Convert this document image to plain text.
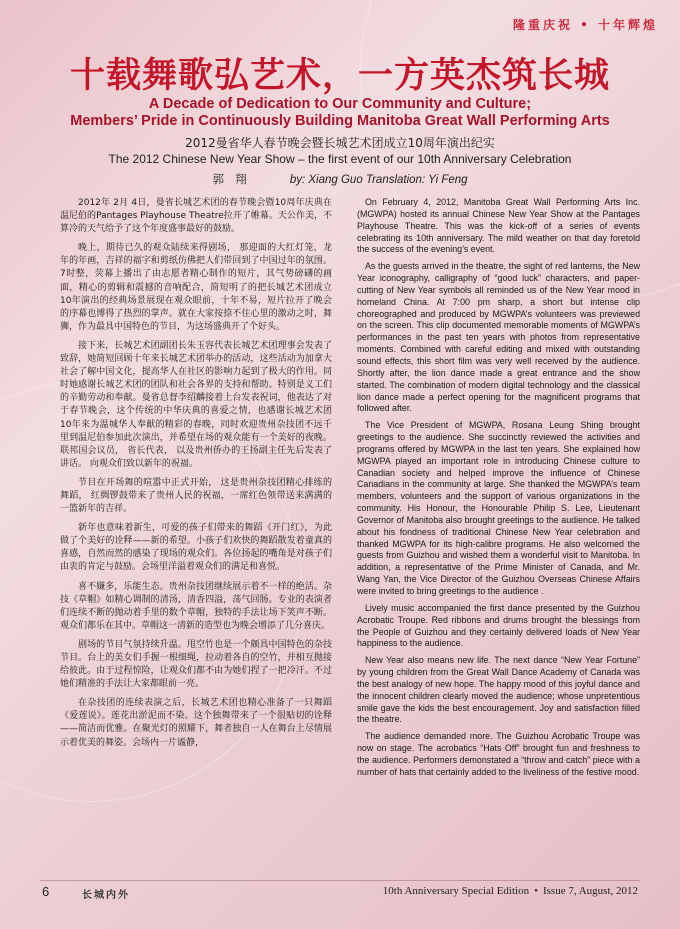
隆重庆祝 • 十年辉煌
十载舞歌弘艺术，一方英杰筑长城
A Decade of Dedication to Our Community and Culture;
Members’ Pride in Continuously Building Manitoba Great Wall Performing Arts
2012曼省华人春节晚会暨长城艺术团成立10周年演出纪实
The 2012 Chinese New Year Show – the first event of our 10th Anniversary Celebration
郭 翔	by: Xiang Guo Translation: Yi Feng

2012年 2月 4日，曼省长城艺术团的春节晚会暨10周年庆典在温尼伯的Pantages Playhouse Theatre拉开了帷幕。天公作美，不算冷的天气给予了这个年度盛事最好的鼓励。

晚上，期待已久的观众陆续来得剧场， 那迎面的大红灯笼，龙年的年画，吉祥的福字和剪纸仿佛把人们带回到了中国过年的氛围。7时整，荧幕上播出了由志愿者精心制作的短片，其气势磅礴的画面，精心的剪辑和震撼的音响配合，简短明了的把长城艺术团成立10年演出的经典场景展现在观众眼前，十年不易，短片拉开了晚会的序幕也博得了热烈的掌声。就在大家按捺不住心里的激动之时，舞狮，作为最具中国特色的节目，为这场盛典开了个好头。

接下来，长城艺术团副团长朱玉容代表长城艺术团理事会发表了致辞，她简短回顾十年来长城艺术团举办的活动，这些活动为加拿大社会了解中国文化，提高华人在社区的影响力起到了极大的作用。同时她感谢长城艺术团的团队和社会各界的支持和帮助。特别是义工们的辛勤劳动和奉献。曼省总督李绍麟接着上台发表祝词，他表达了对于春节晚会，这个传统的中华庆典的喜爱之情，也感谢长城艺术团10年来为温城华人奉献的精彩的春晚，同时欢迎贵州杂技团不远千里到温尼伯参加此次演出，并希望在场的观众能有一个美好的夜晚。联邦国会议员， 省长代表， 以及贵州侨办的王扬副主任先后发表了讲话。 向观众们致以新年的祝福。

节目在开场舞的喧嚣中正式开始， 这是贵州杂技团精心排练的舞蹈， 红绸锣鼓带来了贵州人民的祝福，一席红色领带送来满满的一篮新年的吉祥。

新年也意味着新生，可爱的孩子们带来的舞蹈《开门红》，为此做了个美好的诠释——新的希望。小孩子们欢快的舞蹈散发着童真的喜感，自然而然的感染了现场的观众们。各位扬起的嘴角是对孩子们由衷的肯定与鼓励。会场里洋溢着观众们的满足和喜悦。

喜不嫌多，乐能生态。贵州杂技团继续展示着不一样的绝活。杂技《草帽》如精心调制的清汤，清香四溢，荡气回肠。专业的表演者们连续不断的抛动着手里的数个草帽，独特的手法让场下笑声不断。观众们都乐在其中。草帽这一清新的造型也为晚会增添了几分喜庆。

剧场的节目气氛持续升温。甩空竹也是一个颇具中国特色的杂技节目。台上的美女们手握一根细绳，拉动着各自的空竹，并相互抛接给彼此。由于过程惊险，让观众们都不由为她们捏了一把冷汗。不过她们精准的手法让大家都眼前一亮。

在杂技团的连续表演之后，长城艺术团也精心准备了一只舞蹈《爱莲说》。莲花出淤泥而不染。这个独舞带来了一个很贴切的诠释——简洁而优雅。在聚光灯的照耀下，舞者独自一人在舞台上尽情展示着优美的舞姿。会场内一片谧静，

On February 4, 2012, Manitoba Great Wall Performing Arts Inc. (MGWPA) hosted its annual Chinese New Year Show at the Pantages Playhouse Theatre. This was the kick-off of a series of events celebrating its 10th anniversary. The mild weather on that day foretold the success of the evening’s event.

As the guests arrived in the theatre, the sight of red lanterns, the New Year iconography, calligraphy of “good luck” characters, and paper-cutting of New Year symbols all reminded us of the New Year mood in homeland China. At 7:00 pm sharp, a short but intense clip choreographed and produced by MGWPA’s volunteers was previewed on the screen. This clip documented memorable moments of MGWPA’s performances in the past ten years with photos from representative moments. Combined with careful editing and mixed with outstanding sound effects, this short film was very well received by the audience. Shortly after, the lion dance made a great entrance and the show started. The combination of modern digital technology and the classical lion dance made a perfect opening for the magnificent programs that followed after.

The Vice President of MGWPA, Rosana Leung Shing brought greetings to the audience. She succinctly reviewed the activities and programs offered by MGWPA in the last ten years. She explained how MGWPA played an important role in introducing Chinese culture to Canadian society and helped improve the influence of Chinese Canadians in the community at large. She thanked the MGWPA’s team members, volunteers and the support of various organizations in the community. His Honour, the Honourable Philip S. Lee, Lieutenant Governor of Manitoba also brought greetings to the audience. He talked about his fondness of traditional Chinese New Year celebration and thanked MGWPA for its high-calibre programs. He also welcomed the guests from Guizhou and wished them a wonderful visit to Manitoba. In addition, a representative of the Prime Minister of Canada, and Mr. Wang Yan, the Vice Director of the Guizhou Overseas Chinese Affairs were invited to bring greetings to the audience .

Lively music accompanied the first dance presented by the Guizhou Acrobatic Troupe. Red ribbons and drums brought the blessings from the People of Guizhou and they certainly delivered loads of New Year happiness to the audience.

New Year also means new life. The next dance “New Year Fortune” by young children from the Great Wall Dance Academy of Canada was the best analogy of new hope. The happy mood of this joyful dance and the innocent children clearly moved the audience; whose unpretentious smile gave the kids the best encouragement. Joy and satisfaction filled the theatre.

The audience demanded more. The Guizhou Acrobatic Troupe was now on stage. The acrobatics “Hats Off” brought fun and freshness to the audience. Performers demonstated a “throw and catch” piece with a number of hats that certainly added to the liveliness of the festive mood.

6	长城内外	10th Anniversary Special Edition • Issue 7, August, 2012
